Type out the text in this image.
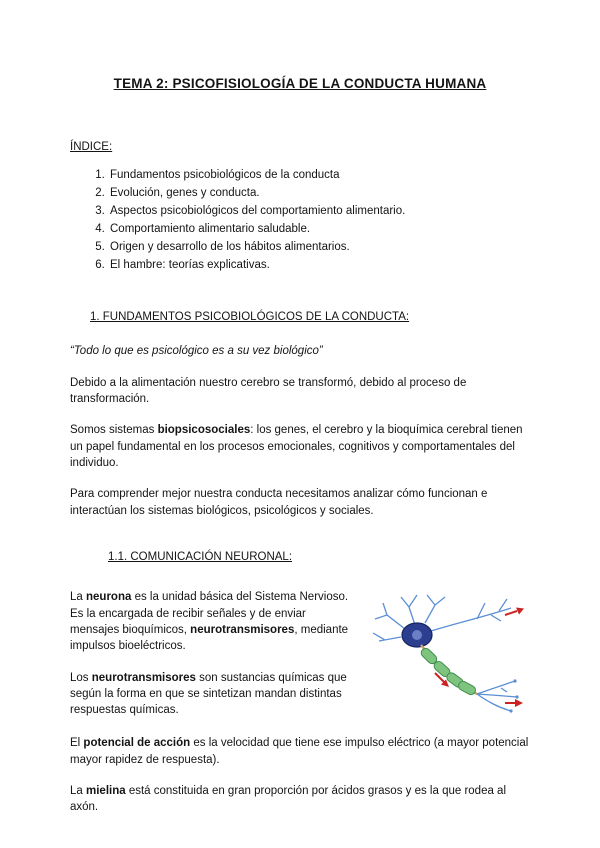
TEMA 2: PSICOFISIOLOGÍA DE LA CONDUCTA HUMANA
ÍNDICE:
1. Fundamentos psicobiológicos de la conducta
2. Evolución, genes y conducta.
3. Aspectos psicobiológicos del comportamiento alimentario.
4. Comportamiento alimentario saludable.
5. Origen y desarrollo de los hábitos alimentarios.
6. El hambre: teorías explicativas.
1. FUNDAMENTOS PSICOBIOLÓGICOS DE LA CONDUCTA:

“Todo lo que es psicológico es a su vez biológico”

Debido a la alimentación nuestro cerebro se transformó, debido al proceso de transformación.

Somos sistemas biopsicosociales: los genes, el cerebro y la bioquímica cerebral tienen un papel fundamental en los procesos emocionales, cognitivos y comportamentales del individuo.

Para comprender mejor nuestra conducta necesitamos analizar cómo funcionan e interactúan los sistemas biológicos, psicológicos y sociales.

1.1. COMUNICACIÓN NEURONAL:

La neurona es la unidad básica del Sistema Nervioso. Es la encargada de recibir señales y de enviar mensajes bioquímicos, neurotransmisores, mediante impulsos bioeléctricos.

Los neurotransmisores son sustancias químicas que según la forma en que se sintetizan mandan distintas respuestas químicas.

El potencial de acción es la velocidad que tiene ese impulso eléctrico (a mayor potencial mayor rapidez de respuesta).

La mielina está constituida en gran proporción por ácidos grasos y es la que rodea al axón.
